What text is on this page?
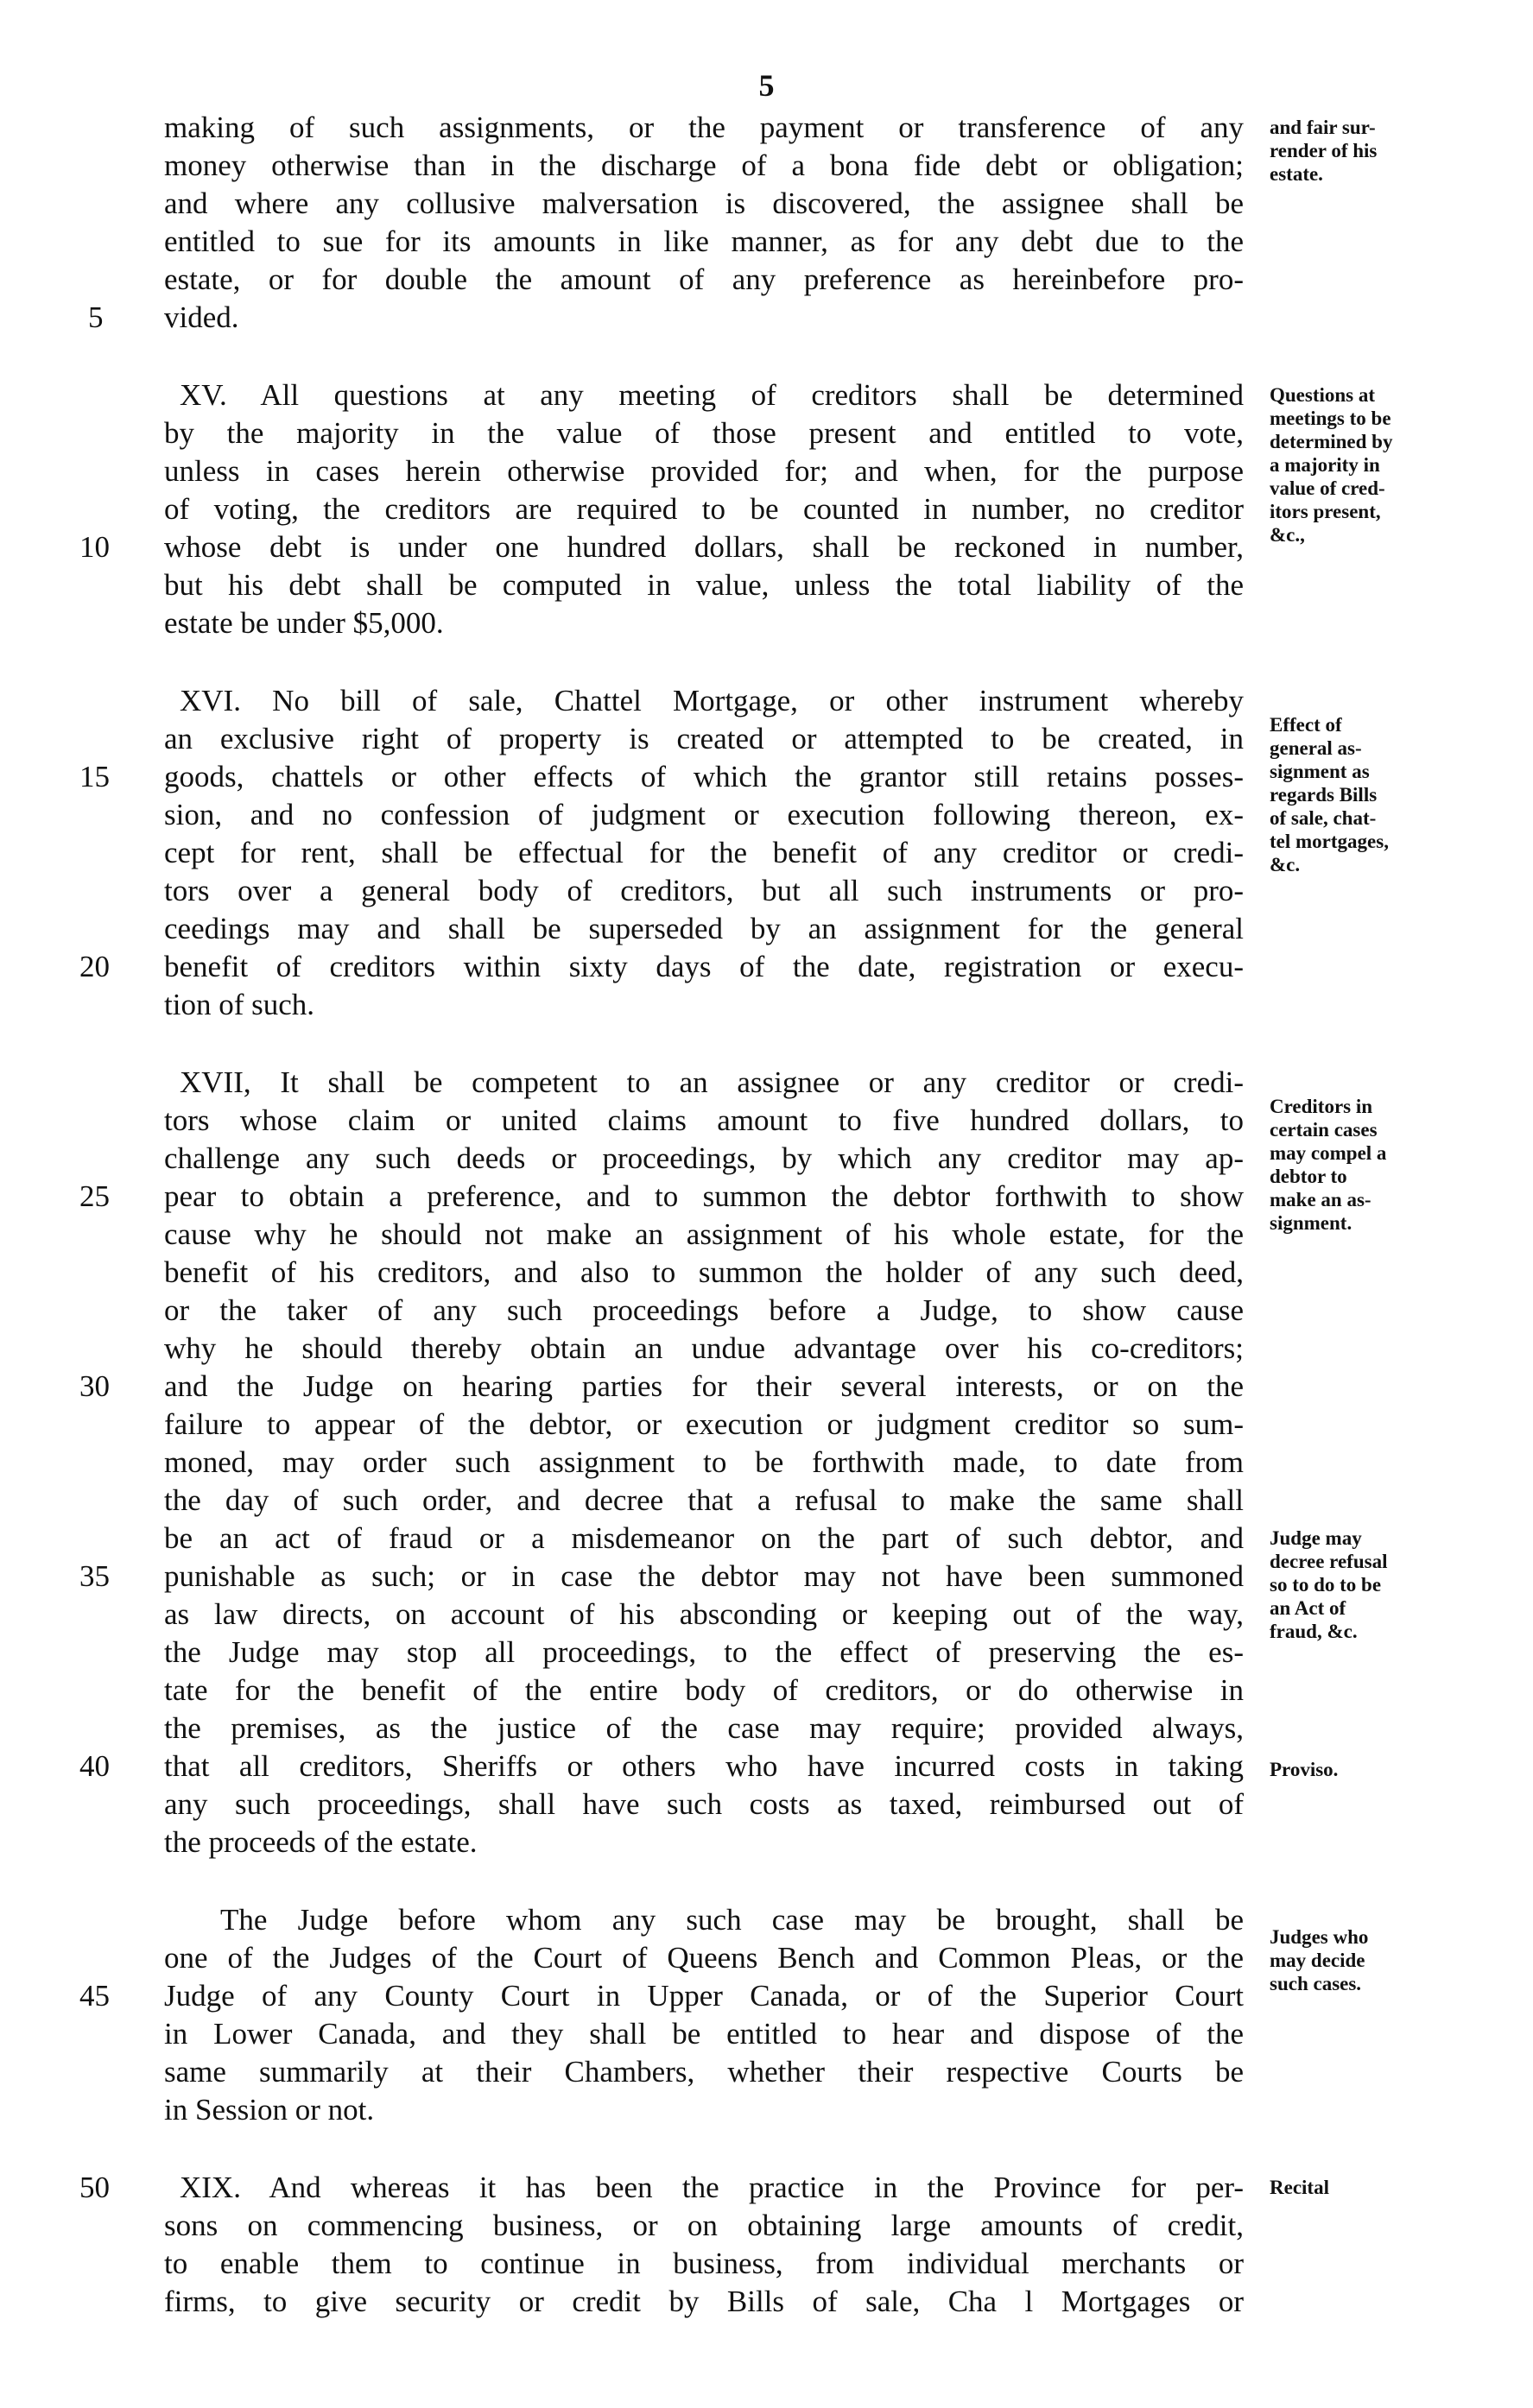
5
making of such assignments, or the payment or transference of any
money otherwise than in the discharge of a bona fide debt or obligation;
and where any collusive malversation is discovered, the assignee shall be
entitled to sue for its amounts in like manner, as for any debt due to the
estate, or for double the amount of any preference as hereinbefore pro-
vided.
XV. All questions at any meeting of creditors shall be determined
by the majority in the value of those present and entitled to vote,
unless in cases herein otherwise provided for; and when, for the purpose
of voting, the creditors are required to be counted in number, no creditor
whose debt is under one hundred dollars, shall be reckoned in number,
but his debt shall be computed in value, unless the total liability of the
estate be under $5,000.
XVI. No bill of sale, Chattel Mortgage, or other instrument whereby
an exclusive right of property is created or attempted to be created, in
goods, chattels or other effects of which the grantor still retains posses-
sion, and no confession of judgment or execution following thereon, ex-
cept for rent, shall be effectual for the benefit of any creditor or credi-
tors over a general body of creditors, but all such instruments or pro-
ceedings may and shall be superseded by an assignment for the general
benefit of creditors within sixty days of the date, registration or execu-
tion of such.
XVII, It shall be competent to an assignee or any creditor or credi-
tors whose claim or united claims amount to five hundred dollars, to
challenge any such deeds or proceedings, by which any creditor may ap-
pear to obtain a preference, and to summon the debtor forthwith to show
cause why he should not make an assignment of his whole estate, for the
benefit of his creditors, and also to summon the holder of any such deed,
or the taker of any such proceedings before a Judge, to show cause
why he should thereby obtain an undue advantage over his co-creditors;
and the Judge on hearing parties for their several interests, or on the
failure to appear of the debtor, or execution or judgment creditor so sum-
moned, may order such assignment to be forthwith made, to date from
the day of such order, and decree that a refusal to make the same shall
be an act of fraud or a misdemeanor on the part of such debtor, and
punishable as such; or in case the debtor may not have been summoned
as law directs, on account of his absconding or keeping out of the way,
the Judge may stop all proceedings, to the effect of preserving the es-
tate for the benefit of the entire body of creditors, or do otherwise in
the premises, as the justice of the case may require; provided always,
that all creditors, Sheriffs or others who have incurred costs in taking
any such proceedings, shall have such costs as taxed, reimbursed out of
the proceeds of the estate.
The Judge before whom any such case may be brought, shall be
one of the Judges of the Court of Queens Bench and Common Pleas, or the
Judge of any County Court in Upper Canada, or of the Superior Court
in Lower Canada, and they shall be entitled to hear and dispose of the
same summarily at their Chambers, whether their respective Courts be
in Session or not.
XIX. And whereas it has been the practice in the Province for per-
sons on commencing business, or on obtaining large amounts of credit,
to enable them to continue in business, from individual merchants or
firms, to give security or credit by Bills of sale, Cha l Mortgages or
5
10
15
20
25
30
35
40
45
50
and fair sur-
render of his
estate.
Questions at
meetings to be
determined by
a majority in
value of cred-
itors present,
&c.,
Effect of
general as-
signment as
regards Bills
of sale, chat-
tel mortgages,
&c.
Creditors in
certain cases
may compel a
debtor to
make an as-
signment.
Judge may
decree refusal
so to do to be
an Act of
fraud, &c.
Proviso.
Judges who
may decide
such cases.
Recital
